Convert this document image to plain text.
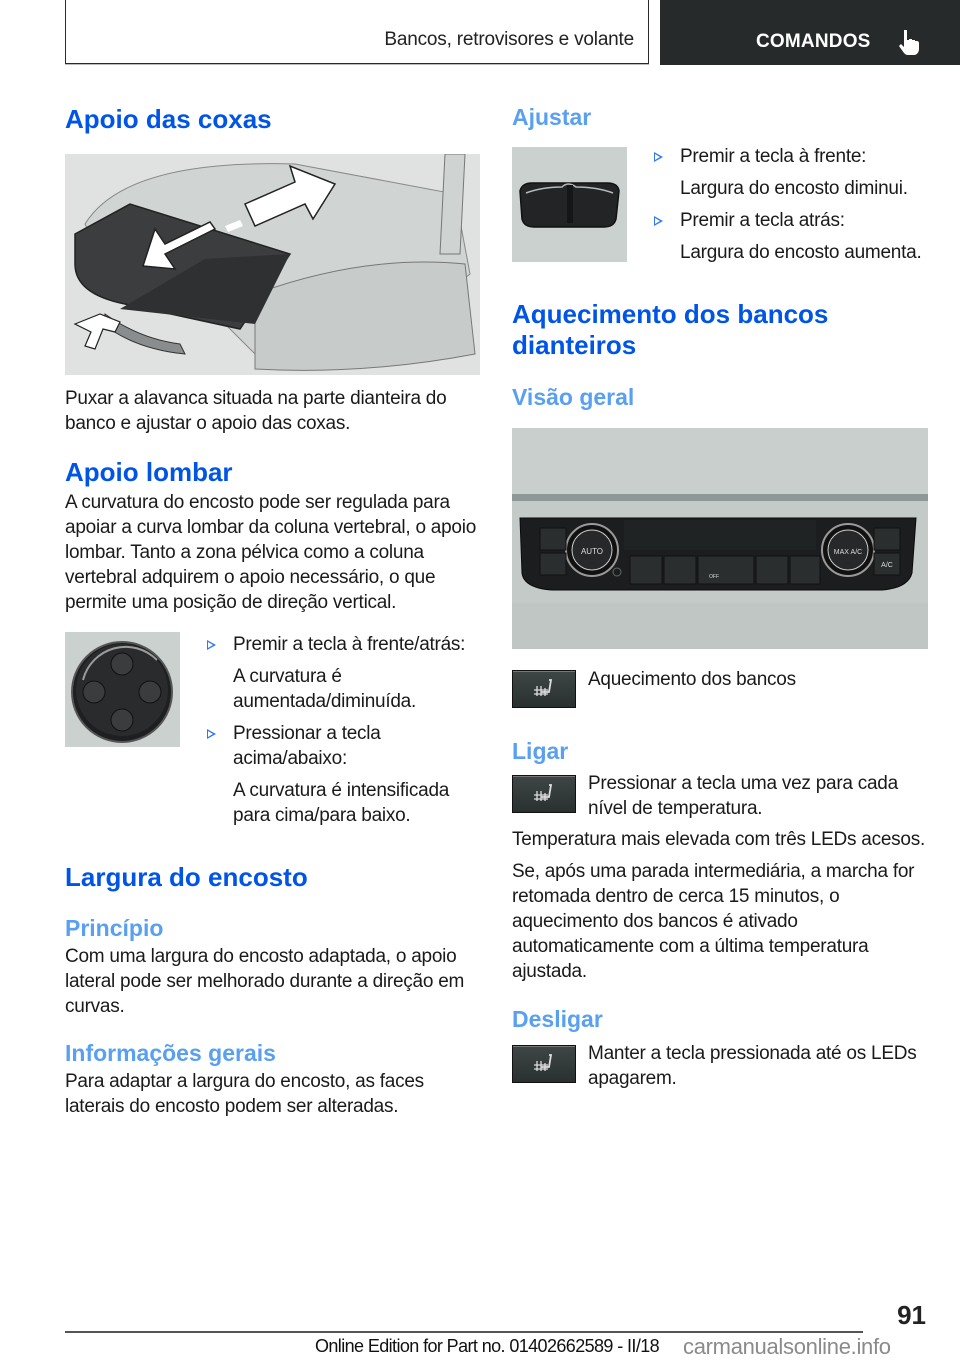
Bancos, retrovisores e volante	COMANDOS
Apoio das coxas

Puxar a alavanca situada na parte dianteira do banco e ajustar o apoio das coxas.

Apoio lombar

A curvatura do encosto pode ser regulada para apoiar a curva lombar da coluna vertebral, o apoio lombar. Tanto a zona pélvica como a coluna vertebral adquirem o apoio necessário, o que permite uma posição de direção vertical.

Premir a tecla à frente/atrás:
A curvatura é aumentada/diminuída.
Pressionar a tecla acima/abaixo:
A curvatura é intensificada para cima/para baixo.
Largura do encosto
Princípio

Com uma largura do encosto adaptada, o apoio lateral pode ser melhorado durante a direção em curvas.

Informações gerais

Para adaptar a largura do encosto, as faces laterais do encosto podem ser alteradas.

Ajustar
Premir a tecla à frente:
Largura do encosto diminui.
Premir a tecla atrás:
Largura do encosto aumenta.
Aquecimento dos bancos dianteiros
Visão geral
AUTO	MAX A/C
A/C
OFF

Aquecimento dos bancos

Ligar

Pressionar a tecla uma vez para cada nível de temperatura.

Temperatura mais elevada com três LEDs acesos.

Se, após uma parada intermediária, a marcha for retomada dentro de cerca 15 minutos, o aquecimento dos bancos é ativado automaticamente com a última temperatura ajustada.

Desligar

Manter a tecla pressionada até os LEDs apagarem.

91
Online Edition for Part no. 01402662589 - II/18 carmanualsonline.info
